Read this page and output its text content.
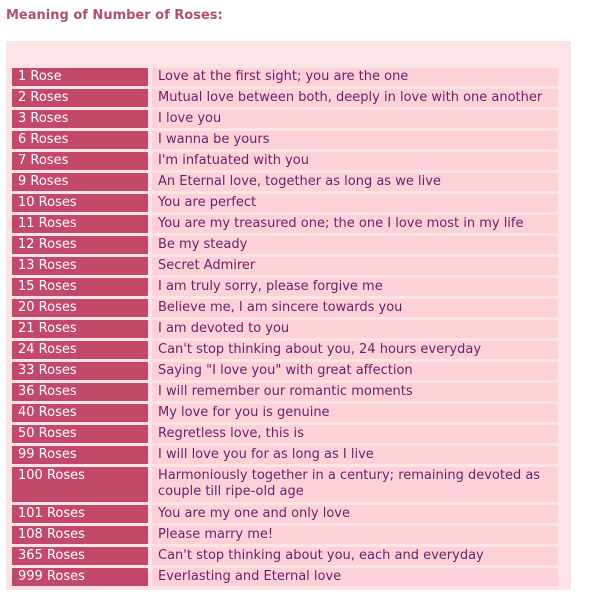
Meaning of Number of Roses:
1 Rose	Love at the first sight; you are the one
2 Roses	Mutual love between both, deeply in love with one another
3 Roses	I love you
6 Roses	I wanna be yours
7 Roses	I'm infatuated with you
9 Roses	An Eternal love, together as long as we live
10 Roses	You are perfect
11 Roses	You are my treasured one; the one I love most in my life
12 Roses	Be my steady
13 Roses	Secret Admirer
15 Roses	I am truly sorry, please forgive me
20 Roses	Believe me, I am sincere towards you
21 Roses	I am devoted to you
24 Roses	Can't stop thinking about you, 24 hours everyday
33 Roses	Saying "I love you" with great affection
36 Roses	I will remember our romantic moments
40 Roses	My love for you is genuine
50 Roses	Regretless love, this is
99 Roses	I will love you for as long as I live
100 Roses	Harmoniously together in a century; remaining devoted as couple till ripe-old age
101 Roses	You are my one and only love
108 Roses	Please marry me!
365 Roses	Can't stop thinking about you, each and everyday
999 Roses	Everlasting and Eternal love
